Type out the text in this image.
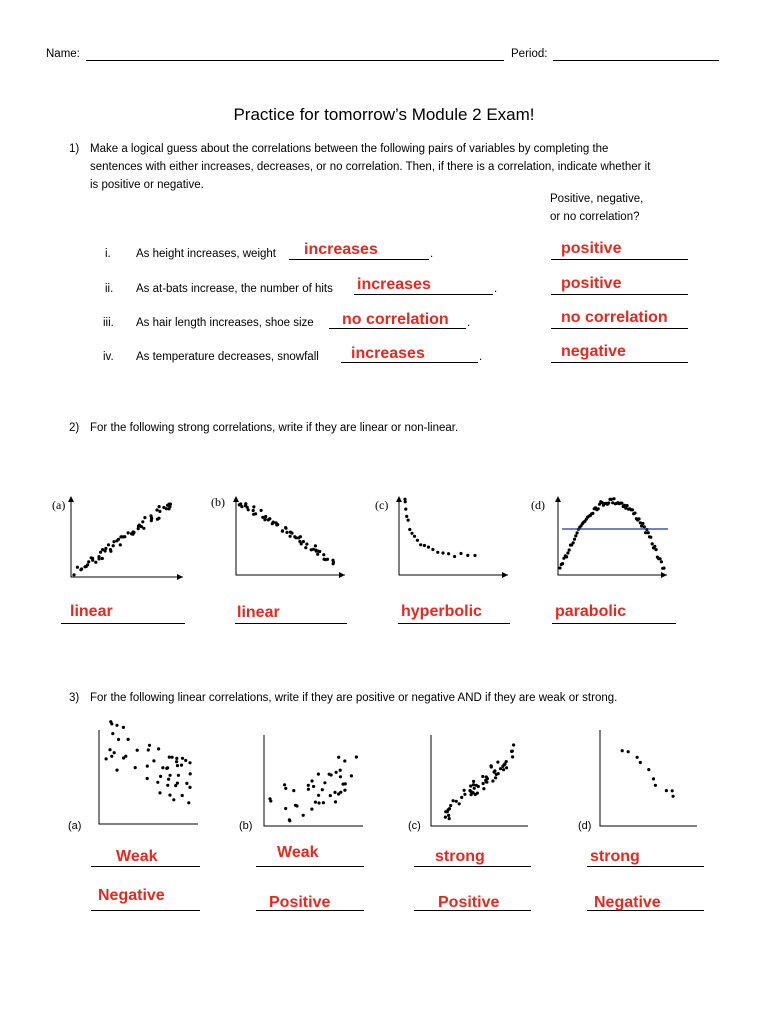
Name:	Period:
Practice for tomorrow’s Module 2 Exam!
1) Make a logical guess about the correlations between the following pairs of variables by completing the
sentences with either increases, decreases, or no correlation. Then, if there is a correlation, indicate whether it
is positive or negative.
Positive, negative,
or no correlation?
i. As height increases, weight	.
increases	positive
ii. As at-bats increase, the number of hits	.
increases	positive
iii. As hair length increases, shoe size	.
no correlation	no correlation
iv. As temperature decreases, snowfall	.
increases	negative
2) For the following strong correlations, write if they are linear or non-linear.
(a)	(b)	(c)	(d)
linear	linear	hyperbolic	parabolic
3) For the following linear correlations, write if they are positive or negative AND if they are weak or strong.
(a)	(b)	(c)	(d)
Weak	Weak	strong	strong
Negative	Positive	Positive	Negative
